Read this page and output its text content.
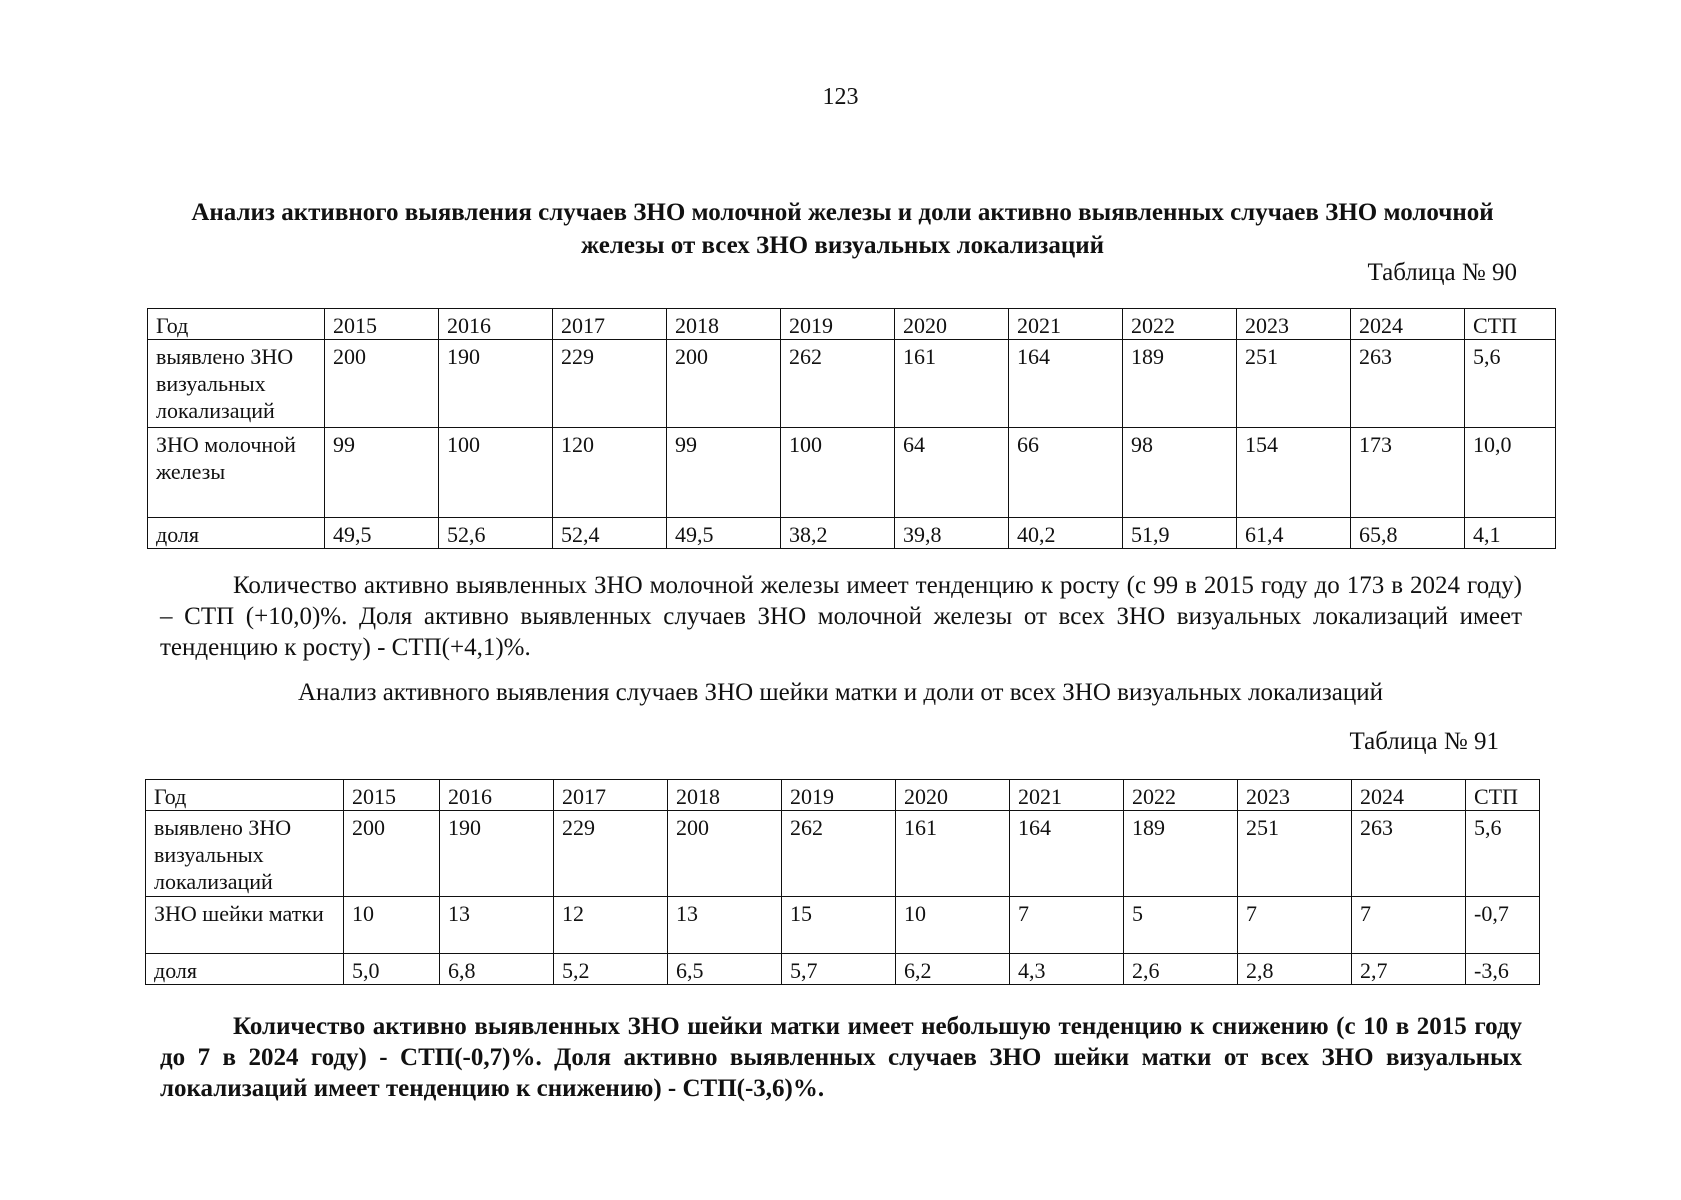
123
Анализ активного выявления случаев ЗНО молочной железы и доли активно выявленных случаев ЗНО молочной железы от всех ЗНО визуальных локализаций
Таблица № 90
Год	2015	2016	2017	2018	2019	2020	2021	2022	2023	2024	СТП
выявлено ЗНО визуальных локализаций	200	190	229	200	262	161	164	189	251	263	5,6
ЗНО молочной железы	99	100	120	99	100	64	66	98	154	173	10,0
доля	49,5	52,6	52,4	49,5	38,2	39,8	40,2	51,9	61,4	65,8	4,1
Количество активно выявленных ЗНО молочной железы имеет тенденцию к росту (с 99 в 2015 году до 173 в 2024 году) – СТП (+10,0)%. Доля активно выявленных случаев ЗНО молочной железы от всех ЗНО визуальных локализаций имеет тенденцию к росту) - СТП(+4,1)%.
Анализ активного выявления случаев ЗНО шейки матки и доли от всех ЗНО визуальных локализаций
Таблица № 91
Год	2015	2016	2017	2018	2019	2020	2021	2022	2023	2024	СТП
выявлено ЗНО визуальных локализаций	200	190	229	200	262	161	164	189	251	263	5,6
ЗНО шейки матки	10	13	12	13	15	10	7	5	7	7	-0,7
доля	5,0	6,8	5,2	6,5	5,7	6,2	4,3	2,6	2,8	2,7	-3,6
Количество активно выявленных ЗНО шейки матки имеет небольшую тенденцию к снижению (с 10 в 2015 году до 7 в 2024 году) - СТП(-0,7)%. Доля активно выявленных случаев ЗНО шейки матки от всех ЗНО визуальных локализаций имеет тенденцию к снижению) - СТП(-3,6)%.
